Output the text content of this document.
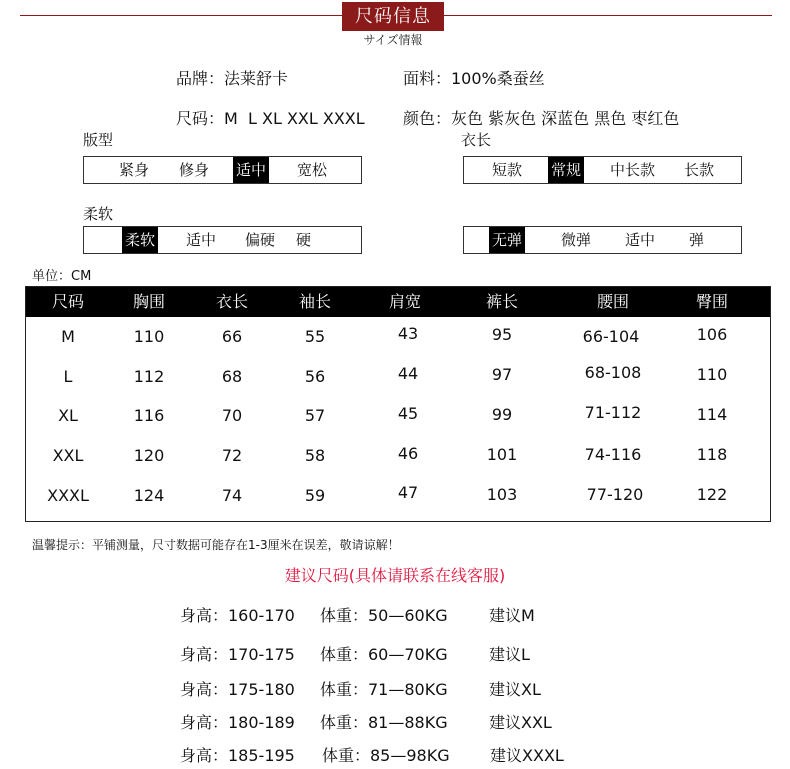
尺码信息
サイズ情報
品牌：法莱舒卡	面料：100%桑蚕丝
尺码：M  L XL XXL XXXL 颜色：灰色 紫灰色 深蓝色 黑色 枣红色
版型
紧身 修身 适中 宽松
衣长
短款 常规 中长款 长款
柔软
柔软 适中 偏硬 硬	无弹	微弹 适中 弹
单位：CM
尺码	胸围	衣长	袖长	肩宽	裤长	腰围	臀围
M	110	66	55	43	95	66-104	106
L	112	68	56	44	97	68-108	110
XL	116	70	57	45	99	71-112	114
XXL	120	72	58	46	101	74-116	118
XXXL	124	74	59	47	103	77-120	122
温馨提示：平铺测量，尺寸数据可能存在1-3厘米在误差，敬请谅解！
建议尺码(具体请联系在线客服)
身高：160-170 体重：50—60KG	建议M
身高：170-175 体重：60—70KG	建议L
身高：175-180 体重：71—80KG	建议XL
身高：180-189 体重：81—88KG	建议XXL
身高：185-195 体重：85—98KG	建议XXXL
